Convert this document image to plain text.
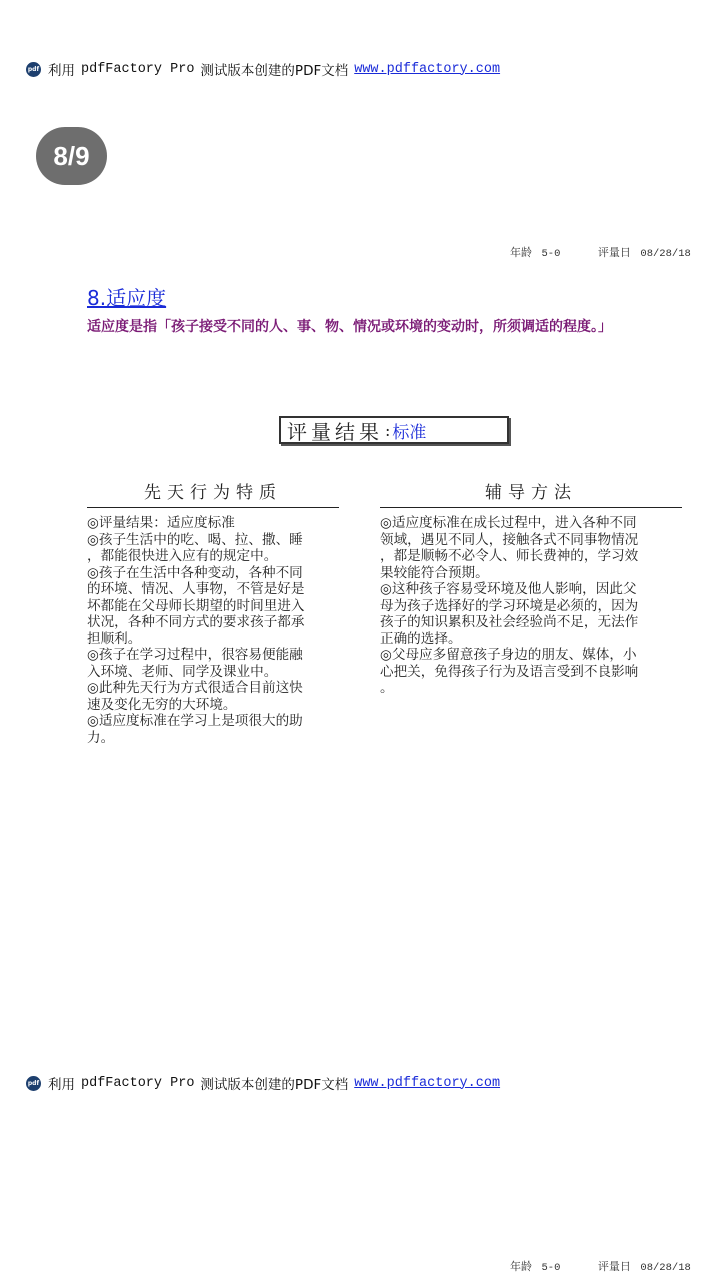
pdf 利用 pdfFactory Pro 测试版本创建的PDF文档 www.pdffactory.com
8/9
年龄 5-0	评量日 08/28/18
8.适应度
适应度是指「孩子接受不同的人、事、物、情况或环境的变动时，所须调适的程度。」
评量结果 : 标准
先天行为特质

◎评量结果：适应度标准

◎孩子生活中的吃、喝、拉、撒、睡

，都能很快进入应有的规定中。

◎孩子在生活中各种变动，各种不同

的环境、情况、人事物，不管是好是

坏都能在父母师长期望的时间里进入

状况，各种不同方式的要求孩子都承

担顺利。

◎孩子在学习过程中，很容易便能融

入环境、老师、同学及课业中。

◎此种先天行为方式很适合目前这快

速及变化无穷的大环境。

◎适应度标准在学习上是项很大的助

力。

辅导方法

◎适应度标准在成长过程中，进入各种不同

领域，遇见不同人，接触各式不同事物情况

，都是顺畅不必令人、师长费神的，学习效

果较能符合预期。

◎这种孩子容易受环境及他人影响，因此父

母为孩子选择好的学习环境是必须的，因为

孩子的知识累积及社会经验尚不足，无法作

正确的选择。

◎父母应多留意孩子身边的朋友、媒体，小

心把关，免得孩子行为及语言受到不良影响

。

pdf 利用 pdfFactory Pro 测试版本创建的PDF文档 www.pdffactory.com
年龄 5-0	评量日 08/28/18
